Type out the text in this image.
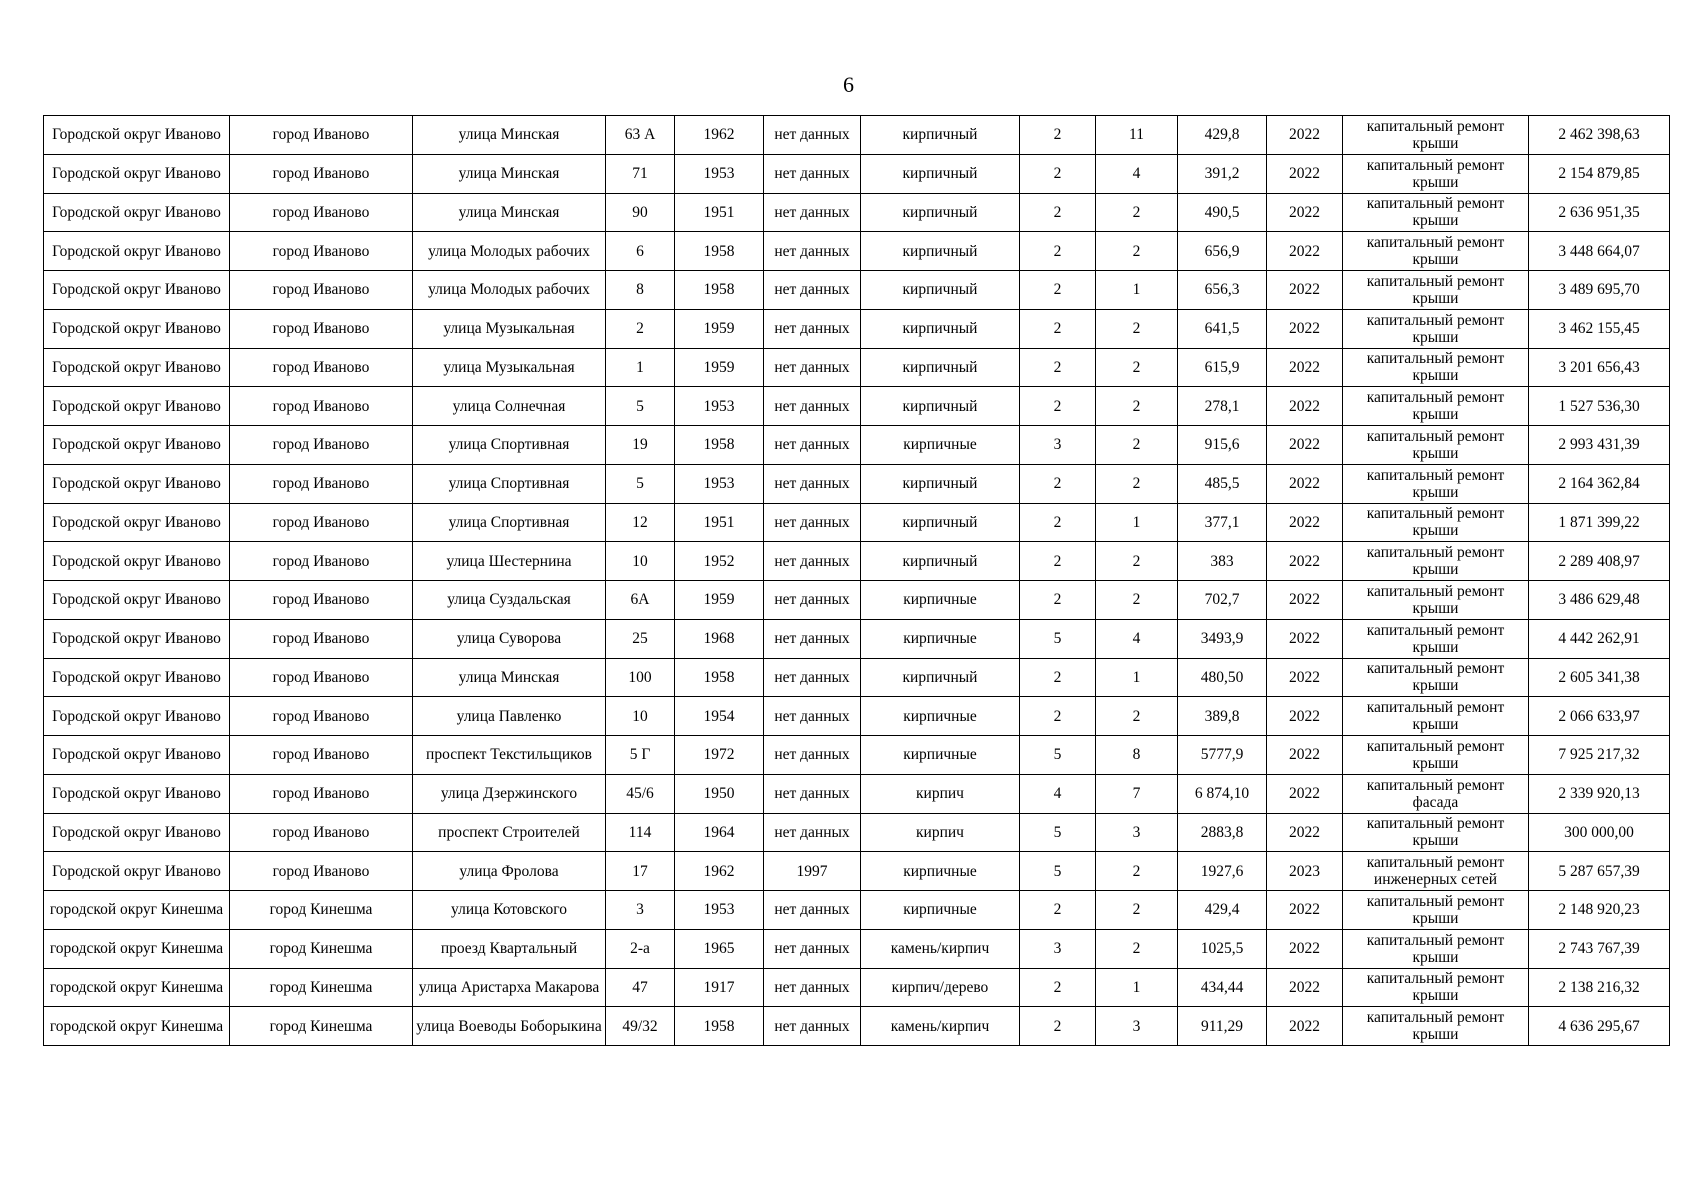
6
Городской округ Иваново	город Иваново	улица Минская	63 А	1962	нет данных	кирпичный	2	11	429,8	2022	капитальный ремонт крыши	2 462 398,63
Городской округ Иваново	город Иваново	улица Минская	71	1953	нет данных	кирпичный	2	4	391,2	2022	капитальный ремонт крыши	2 154 879,85
Городской округ Иваново	город Иваново	улица Минская	90	1951	нет данных	кирпичный	2	2	490,5	2022	капитальный ремонт крыши	2 636 951,35
Городской округ Иваново	город Иваново	улица Молодых рабочих	6	1958	нет данных	кирпичный	2	2	656,9	2022	капитальный ремонт крыши	3 448 664,07
Городской округ Иваново	город Иваново	улица Молодых рабочих	8	1958	нет данных	кирпичный	2	1	656,3	2022	капитальный ремонт крыши	3 489 695,70
Городской округ Иваново	город Иваново	улица Музыкальная	2	1959	нет данных	кирпичный	2	2	641,5	2022	капитальный ремонт крыши	3 462 155,45
Городской округ Иваново	город Иваново	улица Музыкальная	1	1959	нет данных	кирпичный	2	2	615,9	2022	капитальный ремонт крыши	3 201 656,43
Городской округ Иваново	город Иваново	улица Солнечная	5	1953	нет данных	кирпичный	2	2	278,1	2022	капитальный ремонт крыши	1 527 536,30
Городской округ Иваново	город Иваново	улица Спортивная	19	1958	нет данных	кирпичные	3	2	915,6	2022	капитальный ремонт крыши	2 993 431,39
Городской округ Иваново	город Иваново	улица Спортивная	5	1953	нет данных	кирпичный	2	2	485,5	2022	капитальный ремонт крыши	2 164 362,84
Городской округ Иваново	город Иваново	улица Спортивная	12	1951	нет данных	кирпичный	2	1	377,1	2022	капитальный ремонт крыши	1 871 399,22
Городской округ Иваново	город Иваново	улица Шестернина	10	1952	нет данных	кирпичный	2	2	383	2022	капитальный ремонт крыши	2 289 408,97
Городской округ Иваново	город Иваново	улица Суздальская	6А	1959	нет данных	кирпичные	2	2	702,7	2022	капитальный ремонт крыши	3 486 629,48
Городской округ Иваново	город Иваново	улица Суворова	25	1968	нет данных	кирпичные	5	4	3493,9	2022	капитальный ремонт крыши	4 442 262,91
Городской округ Иваново	город Иваново	улица Минская	100	1958	нет данных	кирпичный	2	1	480,50	2022	капитальный ремонт крыши	2 605 341,38
Городской округ Иваново	город Иваново	улица Павленко	10	1954	нет данных	кирпичные	2	2	389,8	2022	капитальный ремонт крыши	2 066 633,97
Городской округ Иваново	город Иваново	проспект Текстильщиков	5 Г	1972	нет данных	кирпичные	5	8	5777,9	2022	капитальный ремонт крыши	7 925 217,32
Городской округ Иваново	город Иваново	улица Дзержинского	45/6	1950	нет данных	кирпич	4	7	6 874,10	2022	капитальный ремонт фасада	2 339 920,13
Городской округ Иваново	город Иваново	проспект Строителей	114	1964	нет данных	кирпич	5	3	2883,8	2022	капитальный ремонт крыши	300 000,00
Городской округ Иваново	город Иваново	улица Фролова	17	1962	1997	кирпичные	5	2	1927,6	2023	капитальный ремонт инженерных сетей	5 287 657,39
городской округ Кинешма	город Кинешма	улица Котовского	3	1953	нет данных	кирпичные	2	2	429,4	2022	капитальный ремонт крыши	2 148 920,23
городской округ Кинешма	город Кинешма	проезд Квартальный	2-а	1965	нет данных	камень/кирпич	3	2	1025,5	2022	капитальный ремонт крыши	2 743 767,39
городской округ Кинешма	город Кинешма	улица Аристарха Макарова	47	1917	нет данных	кирпич/дерево	2	1	434,44	2022	капитальный ремонт крыши	2 138 216,32
городской округ Кинешма	город Кинешма	улица Воеводы Боборыкина	49/32	1958	нет данных	камень/кирпич	2	3	911,29	2022	капитальный ремонт крыши	4 636 295,67
